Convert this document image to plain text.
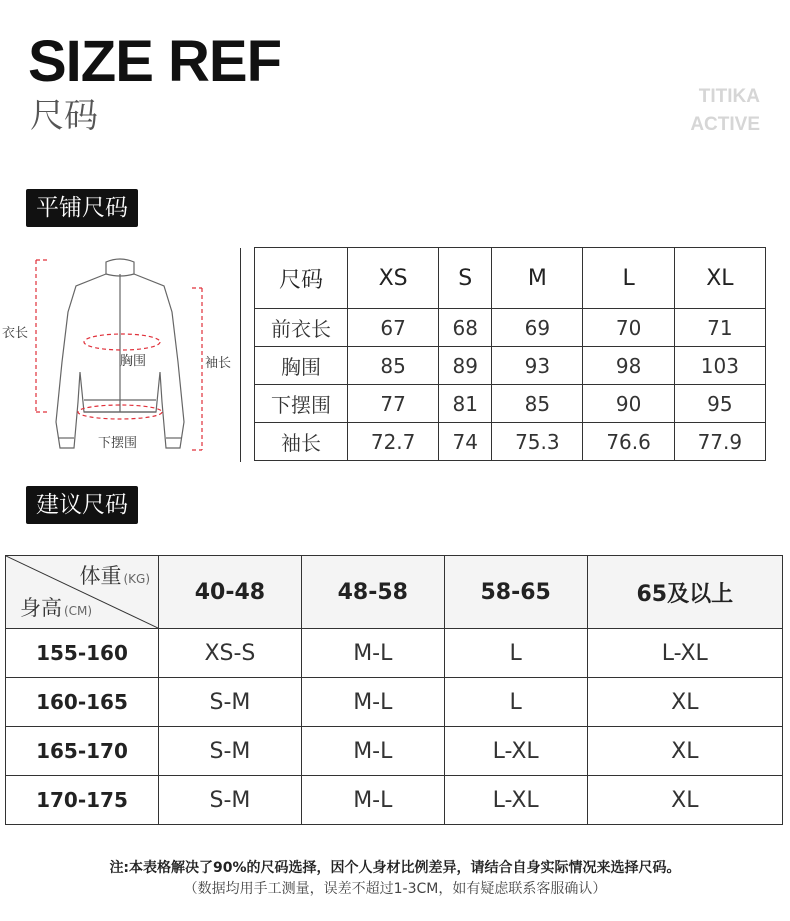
SIZE REF
尺码	TITIKA
ACTIVE
平铺尺码
衣长
胸围	袖长
下摆围
尺码	XS	S	M	L	XL
前衣长	67	68	69	70	71
胸围	85	89	93	98	103
下摆围	77	81	85	90	95
袖长	72.7	74	75.3	76.6	77.9
建议尺码
体重 (KG)
身高 (CM)	40-48	48-58	58-65	65及以上
155-160	XS-S	M-L	L	L-XL
160-165	S-M	M-L	L	XL
165-170	S-M	M-L	L-XL	XL
170-175	S-M	M-L	L-XL	XL
注:本表格解决了90%的尺码选择，因个人身材比例差异，请结合自身实际情况来选择尺码。
（数据均用手工测量，误差不超过1-3CM，如有疑虑联系客服确认）
